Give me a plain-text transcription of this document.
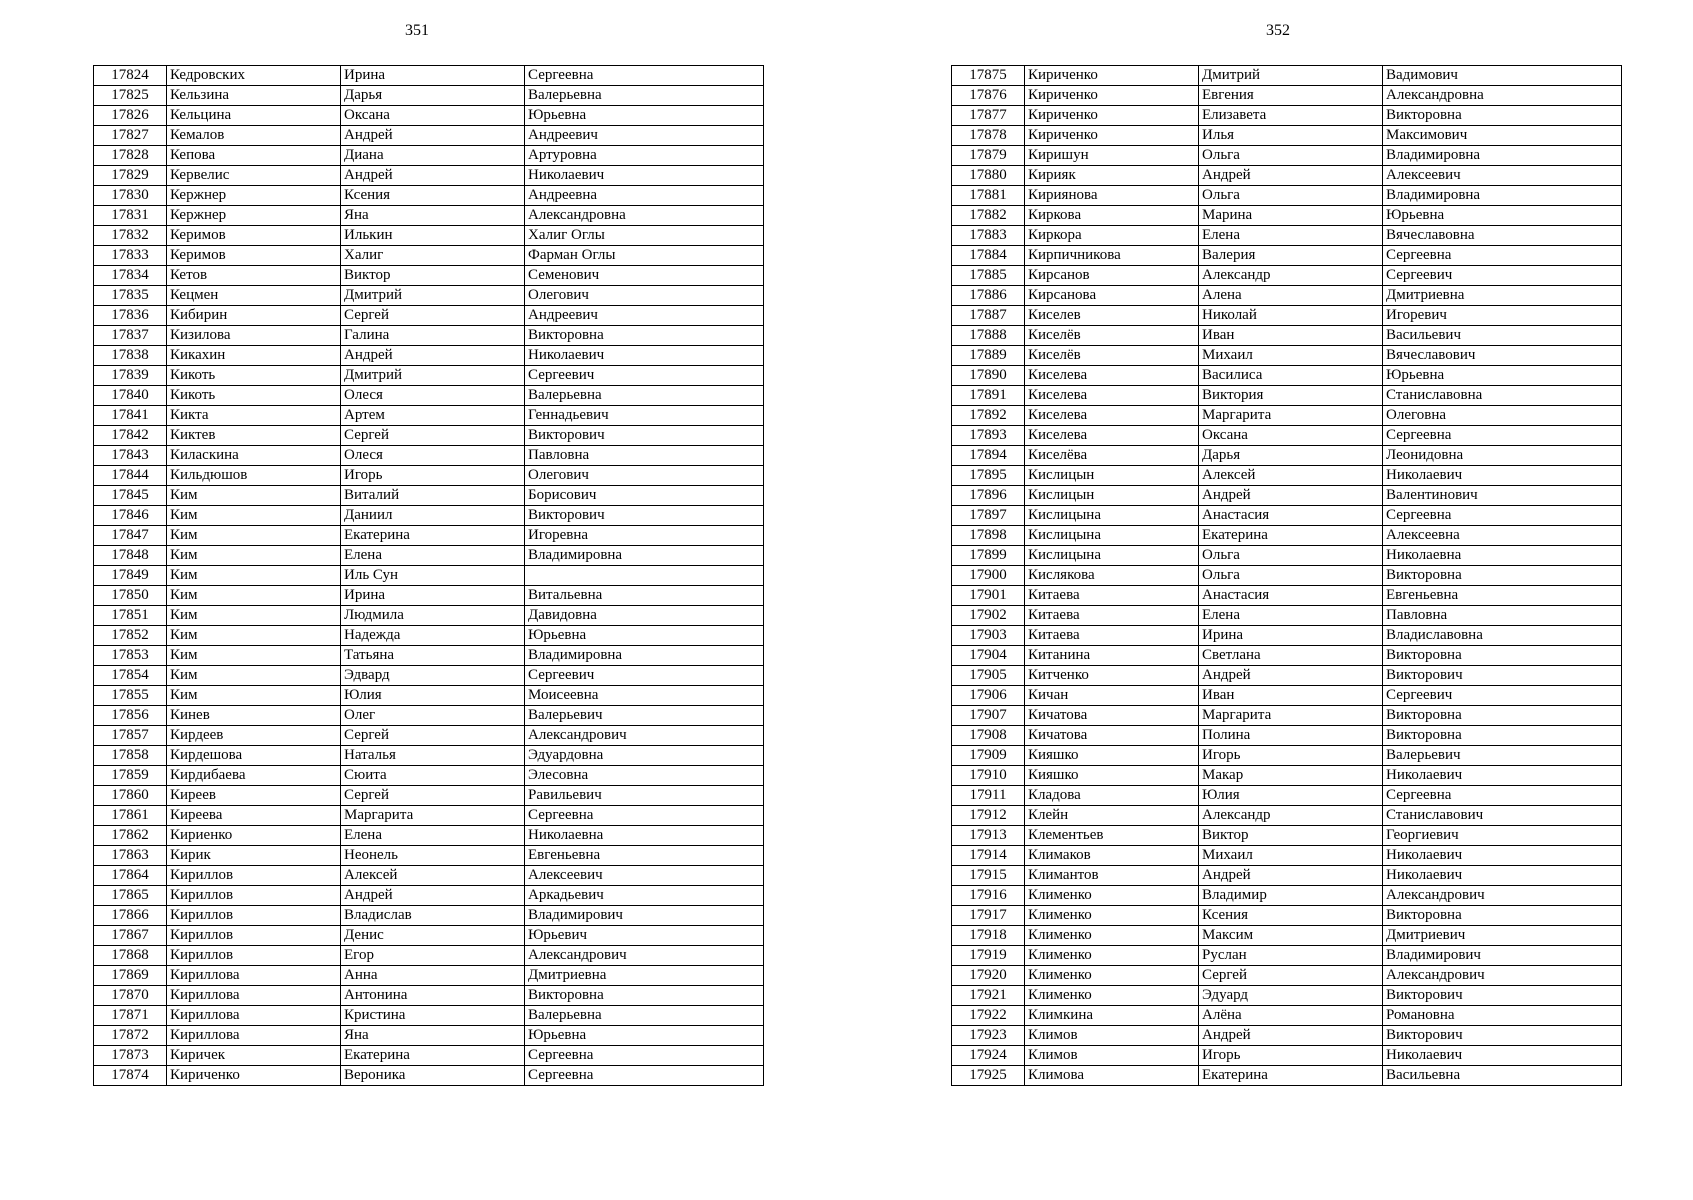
351	352
17824	Кедровских	Ирина	Сергеевна
17825	Кельзина	Дарья	Валерьевна
17826	Кельцина	Оксана	Юрьевна
17827	Кемалов	Андрей	Андреевич
17828	Кепова	Диана	Артуровна
17829	Кервелис	Андрей	Николаевич
17830	Кержнер	Ксения	Андреевна
17831	Кержнер	Яна	Александровна
17832	Керимов	Илькин	Халиг Оглы
17833	Керимов	Халиг	Фарман Оглы
17834	Кетов	Виктор	Семенович
17835	Кецмен	Дмитрий	Олегович
17836	Кибирин	Сергей	Андреевич
17837	Кизилова	Галина	Викторовна
17838	Кикахин	Андрей	Николаевич
17839	Кикоть	Дмитрий	Сергеевич
17840	Кикоть	Олеся	Валерьевна
17841	Кикта	Артем	Геннадьевич
17842	Киктев	Сергей	Викторович
17843	Киласкина	Олеся	Павловна
17844	Кильдюшов	Игорь	Олегович
17845	Ким	Виталий	Борисович
17846	Ким	Даниил	Викторович
17847	Ким	Екатерина	Игоревна
17848	Ким	Елена	Владимировна
17849	Ким	Иль Сун	
17850	Ким	Ирина	Витальевна
17851	Ким	Людмила	Давидовна
17852	Ким	Надежда	Юрьевна
17853	Ким	Татьяна	Владимировна
17854	Ким	Эдвард	Сергеевич
17855	Ким	Юлия	Моисеевна
17856	Кинев	Олег	Валерьевич
17857	Кирдеев	Сергей	Александрович
17858	Кирдешова	Наталья	Эдуардовна
17859	Кирдибаева	Сюита	Элесовна
17860	Киреев	Сергей	Равильевич
17861	Киреева	Маргарита	Сергеевна
17862	Кириенко	Елена	Николаевна
17863	Кирик	Неонель	Евгеньевна
17864	Кириллов	Алексей	Алексеевич
17865	Кириллов	Андрей	Аркадьевич
17866	Кириллов	Владислав	Владимирович
17867	Кириллов	Денис	Юрьевич
17868	Кириллов	Егор	Александрович
17869	Кириллова	Анна	Дмитриевна
17870	Кириллова	Антонина	Викторовна
17871	Кириллова	Кристина	Валерьевна
17872	Кириллова	Яна	Юрьевна
17873	Киричек	Екатерина	Сергеевна
17874	Кириченко	Вероника	Сергеевна
17875	Кириченко	Дмитрий	Вадимович
17876	Кириченко	Евгения	Александровна
17877	Кириченко	Елизавета	Викторовна
17878	Кириченко	Илья	Максимович
17879	Киришун	Ольга	Владимировна
17880	Кирияк	Андрей	Алексеевич
17881	Кириянова	Ольга	Владимировна
17882	Киркова	Марина	Юрьевна
17883	Киркора	Елена	Вячеславовна
17884	Кирпичникова	Валерия	Сергеевна
17885	Кирсанов	Александр	Сергеевич
17886	Кирсанова	Алена	Дмитриевна
17887	Киселев	Николай	Игоревич
17888	Киселёв	Иван	Васильевич
17889	Киселёв	Михаил	Вячеславович
17890	Киселева	Василиса	Юрьевна
17891	Киселева	Виктория	Станиславовна
17892	Киселева	Маргарита	Олеговна
17893	Киселева	Оксана	Сергеевна
17894	Киселёва	Дарья	Леонидовна
17895	Кислицын	Алексей	Николаевич
17896	Кислицын	Андрей	Валентинович
17897	Кислицына	Анастасия	Сергеевна
17898	Кислицына	Екатерина	Алексеевна
17899	Кислицына	Ольга	Николаевна
17900	Кислякова	Ольга	Викторовна
17901	Китаева	Анастасия	Евгеньевна
17902	Китаева	Елена	Павловна
17903	Китаева	Ирина	Владиславовна
17904	Китанина	Светлана	Викторовна
17905	Китченко	Андрей	Викторович
17906	Кичан	Иван	Сергеевич
17907	Кичатова	Маргарита	Викторовна
17908	Кичатова	Полина	Викторовна
17909	Кияшко	Игорь	Валерьевич
17910	Кияшко	Макар	Николаевич
17911	Кладова	Юлия	Сергеевна
17912	Клейн	Александр	Станиславович
17913	Клементьев	Виктор	Георгиевич
17914	Климаков	Михаил	Николаевич
17915	Климантов	Андрей	Николаевич
17916	Клименко	Владимир	Александрович
17917	Клименко	Ксения	Викторовна
17918	Клименко	Максим	Дмитриевич
17919	Клименко	Руслан	Владимирович
17920	Клименко	Сергей	Александрович
17921	Клименко	Эдуард	Викторович
17922	Климкина	Алёна	Романовна
17923	Климов	Андрей	Викторович
17924	Климов	Игорь	Николаевич
17925	Климова	Екатерина	Васильевна
